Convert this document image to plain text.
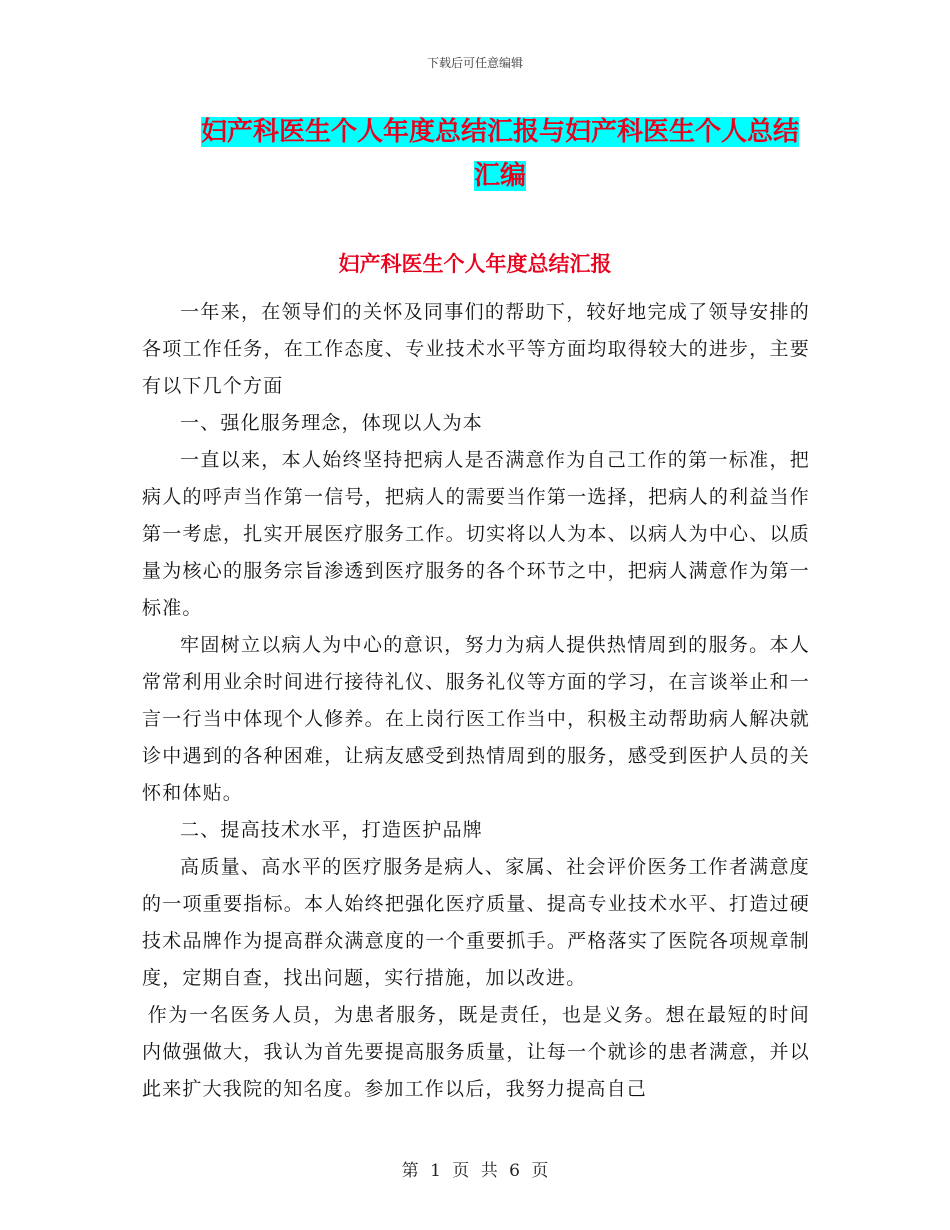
下载后可任意编辑
妇产科医生个人年度总结汇报与妇产科医生个人总结汇编
妇产科医生个人年度总结汇报

一年来，在领导们的关怀及同事们的帮助下，较好地完成了领导安排的各项工作任务，在工作态度、专业技术水平等方面均取得较大的进步，主要有以下几个方面

一、强化服务理念，体现以人为本

一直以来，本人始终坚持把病人是否满意作为自己工作的第一标准，把病人的呼声当作第一信号，把病人的需要当作第一选择，把病人的利益当作第一考虑，扎实开展医疗服务工作。切实将以人为本、以病人为中心、以质量为核心的服务宗旨渗透到医疗服务的各个环节之中，把病人满意作为第一标准。

牢固树立以病人为中心的意识，努力为病人提供热情周到的服务。本人常常利用业余时间进行接待礼仪、服务礼仪等方面的学习，在言谈举止和一言一行当中体现个人修养。在上岗行医工作当中，积极主动帮助病人解决就诊中遇到的各种困难，让病友感受到热情周到的服务，感受到医护人员的关怀和体贴。

二、提高技术水平，打造医护品牌

高质量、高水平的医疗服务是病人、家属、社会评价医务工作者满意度的一项重要指标。本人始终把强化医疗质量、提高专业技术水平、打造过硬技术品牌作为提高群众满意度的一个重要抓手。严格落实了医院各项规章制度，定期自查，找出问题，实行措施，加以改进。

作为一名医务人员，为患者服务，既是责任，也是义务。想在最短的时间内做强做大，我认为首先要提高服务质量，让每一个就诊的患者满意，并以此来扩大我院的知名度。参加工作以后，我努力提高自己

第 1 页 共 6 页
